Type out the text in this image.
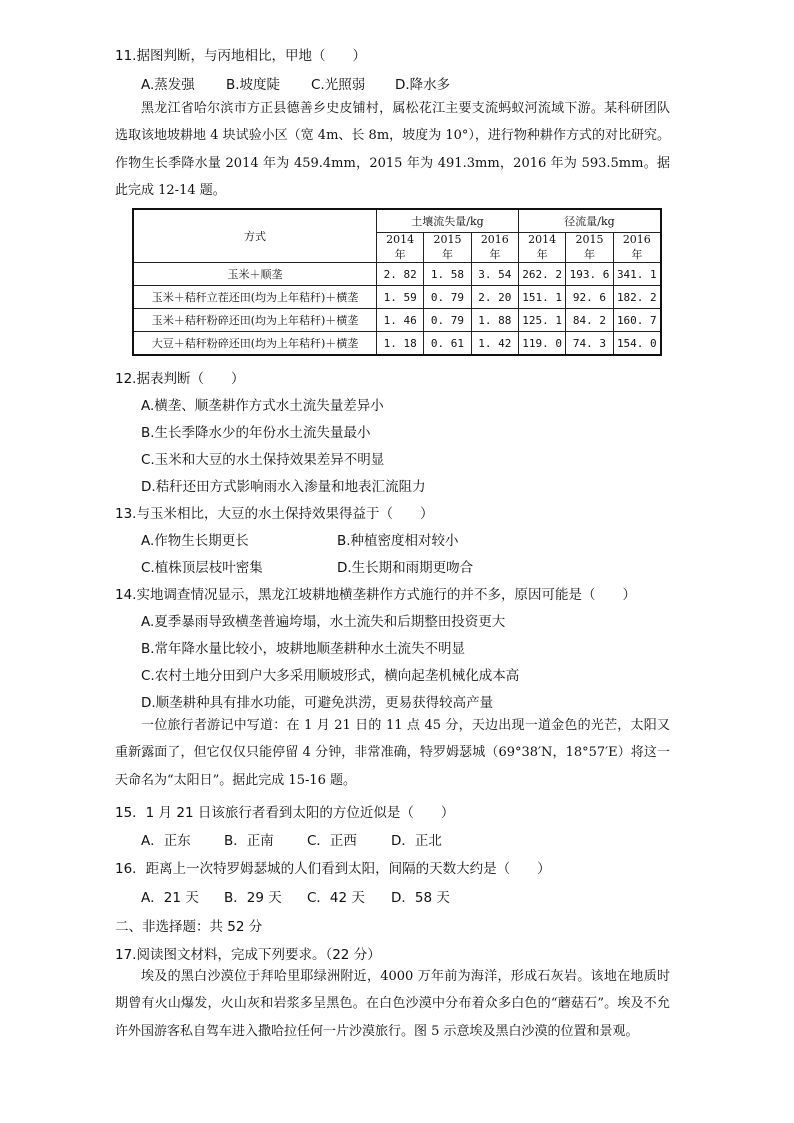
11.据图判断，与丙地相比，甲地（　　）
A.蒸发强 B.坡度陡 C.光照弱 D.降水多

黑龙江省哈尔滨市方正县德善乡史皮铺村，属松花江主要支流蚂蚁河流域下游。某科研团队选取该地坡耕地 4 块试验小区（宽 4m、长 8m，坡度为 10°），进行物种耕作方式的对比研究。作物生长季降水量 2014 年为 459.4mm，2015 年为 491.3mm，2016 年为 593.5mm。据此完成 12-14 题。

方式	土壤流失量/kg			径流量/kg		
	2014 年	2015 年	2016 年	2014 年	2015 年	2016 年
玉米＋顺垄	2. 82	1. 58	3. 54	262. 2	193. 6	341. 1
玉米＋秸秆立茬还田(均为上年秸秆)＋横垄	1. 59	0. 79	2. 20	151. 1	92. 6	182. 2
玉米＋秸秆粉碎还田(均为上年秸秆)＋横垄	1. 46	0. 79	1. 88	125. 1	84. 2	160. 7
大豆＋秸秆粉碎还田(均为上年秸秆)＋横垄	1. 18	0. 61	1. 42	119. 0	74. 3	154. 0
12.据表判断（　　）
A.横垄、顺垄耕作方式水土流失量差异小
B.生长季降水少的年份水土流失量最小
C.玉米和大豆的水土保持效果差异不明显
D.秸秆还田方式影响雨水入渗量和地表汇流阻力
13.与玉米相比，大豆的水土保持效果得益于（　　）
A.作物生长期更长	B.种植密度相对较小
C.植株顶层枝叶密集	D.生长期和雨期更吻合
14.实地调查情况显示，黑龙江坡耕地横垄耕作方式施行的并不多，原因可能是（　　）
A.夏季暴雨导致横垄普遍垮塌，水土流失和后期整田投资更大
B.常年降水量比较小，坡耕地顺垄耕种水土流失不明显
C.农村土地分田到户大多采用顺坡形式，横向起垄机械化成本高
D.顺垄耕种具有排水功能，可避免洪涝，更易获得较高产量

一位旅行者游记中写道：在 1 月 21 日的 11 点 45 分，天边出现一道金色的光芒，太阳又重新露面了，但它仅仅只能停留 4 分钟，非常准确，特罗姆瑟城（69°38′N，18°57′E）将这一天命名为“太阳日”。据此完成 15-16 题。

15．1 月 21 日该旅行者看到太阳的方位近似是（　　）
A．正东 B．正南 C．正西	D．正北
16．距离上一次特罗姆瑟城的人们看到太阳，间隔的天数大约是（　　）
A．21 天 B．29 天 C．42 天 D．58 天
二、非选择题：共 52 分
17.阅读图文材料，完成下列要求。（22 分）

埃及的黑白沙漠位于拜哈里耶绿洲附近，4000 万年前为海洋，形成石灰岩。该地在地质时期曾有火山爆发，火山灰和岩浆多呈黑色。在白色沙漠中分布着众多白色的“蘑菇石”。埃及不允许外国游客私自驾车进入撒哈拉任何一片沙漠旅行。图 5 示意埃及黑白沙漠的位置和景观。
